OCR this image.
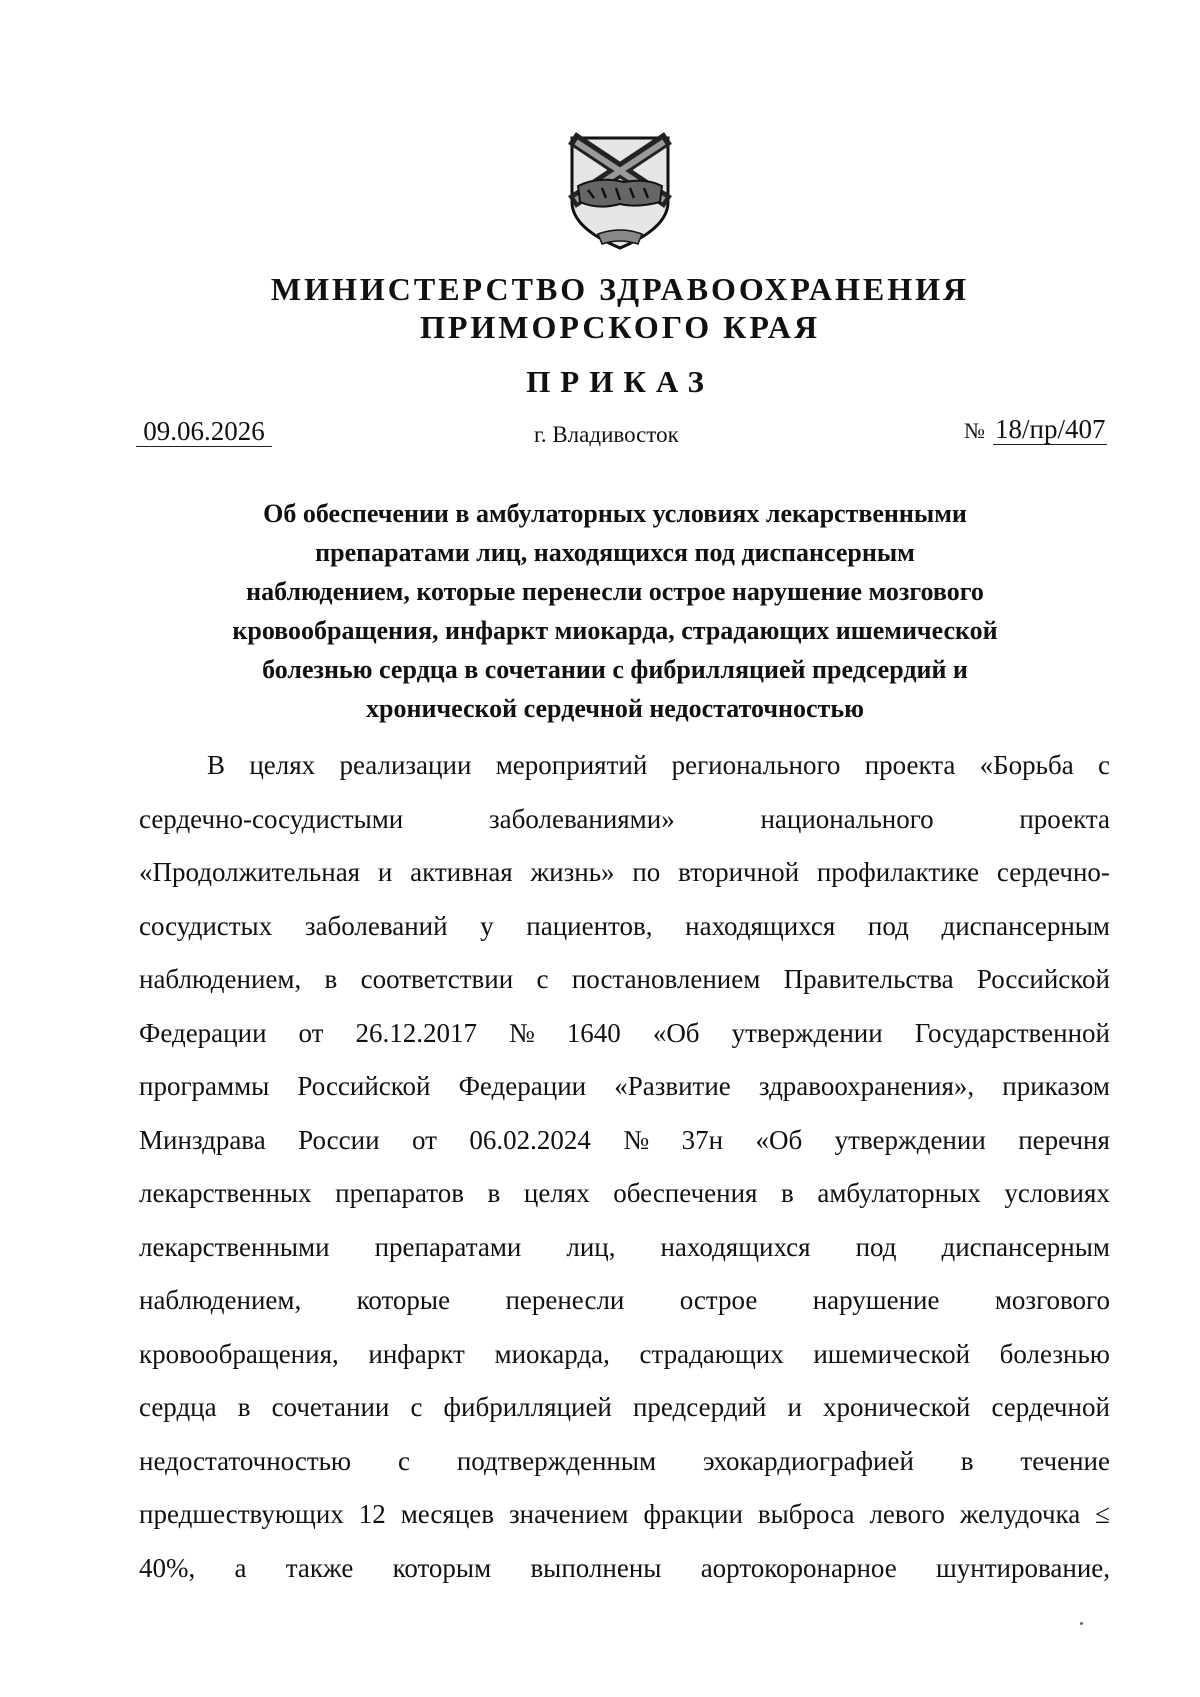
МИНИСТЕРСТВО ЗДРАВООХРАНЕНИЯ
ПРИМОРСКОГО КРАЯ
ПРИКАЗ
09.06.2026	г. Владивосток	№ 18/пр/407
Об обеспечении в амбулаторных условиях лекарственными
препаратами лиц, находящихся под диспансерным
наблюдением, которые перенесли острое нарушение мозгового
кровообращения, инфаркт миокарда, страдающих ишемической
болезнью сердца в сочетании с фибрилляцией предсердий и
хронической сердечной недостаточностью
В целях реализации мероприятий регионального проекта «Борьба с
сердечно-сосудистыми	заболеваниями»	национального	проекта
«Продолжительная и активная жизнь» по вторичной профилактике сердечно-
сосудистых заболеваний у пациентов, находящихся под диспансерным
наблюдением, в соответствии с постановлением Правительства Российской
Федерации от 26.12.2017 № 1640 «Об утверждении Государственной
программы Российской Федерации «Развитие здравоохранения», приказом
Минздрава России от 06.02.2024 № 37н «Об утверждении перечня
лекарственных препаратов в целях обеспечения в амбулаторных условиях
лекарственными препаратами лиц, находящихся под диспансерным
наблюдением, которые перенесли острое нарушение мозгового
кровообращения, инфаркт миокарда, страдающих ишемической болезнью
сердца в сочетании с фибрилляцией предсердий и хронической сердечной
недостаточностью с подтвержденным эхокардиографией в течение
предшествующих 12 месяцев значением фракции выброса левого желудочка ≤
40%, а также которым выполнены аортокоронарное шунтирование,
